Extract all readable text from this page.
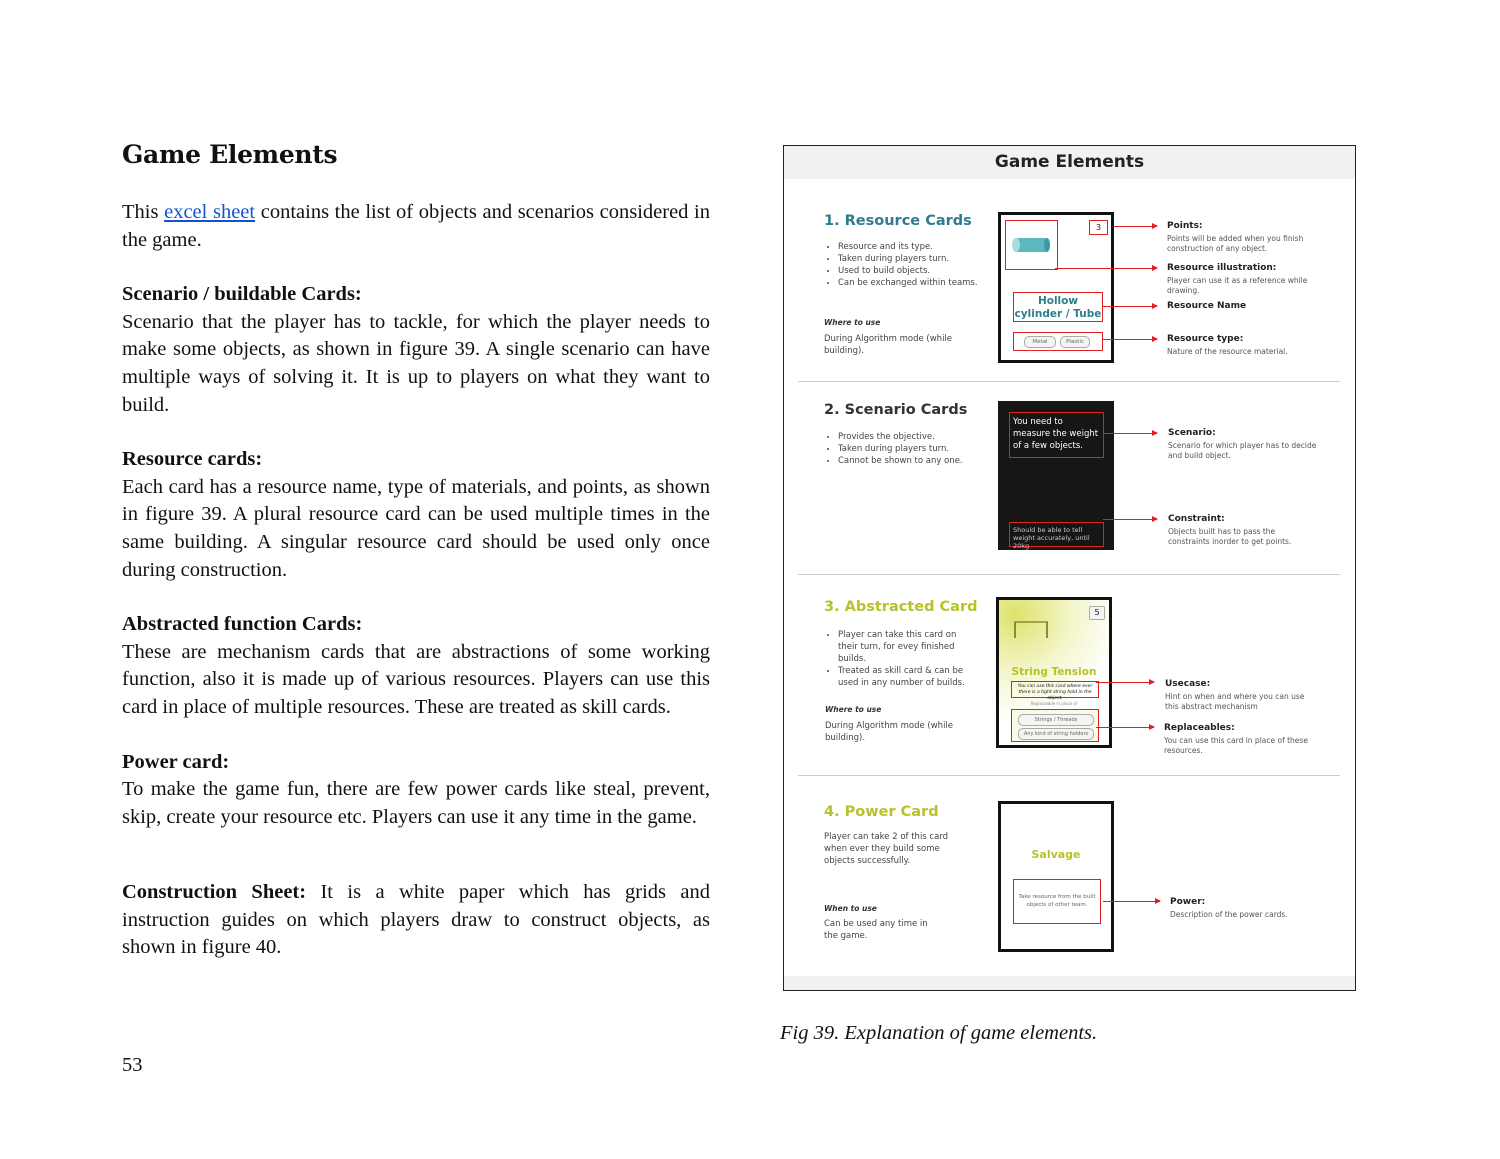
Game Elements

This excel sheet contains the list of objects and scenarios considered in the game.

Scenario / buildable Cards:

Scenario that the player has to tackle, for which the player needs to make some objects, as shown in figure 39. A single scenario can have multiple ways of solving it. It is up to players on what they want to build.

Resource cards:

Each card has a resource name, type of materials, and points, as shown in figure 39. A plural resource card can be used multiple times in the same building. A singular resource card should be used only once during construction.

Abstracted function Cards:

These are mechanism cards that are abstractions of some working function, also it is made up of various resources. Players can use this card in place of multiple resources. These are treated as skill cards.

Power card:

To make the game fun, there are few power cards like steal, prevent, skip, create your resource etc. Players can use it any time in the game.

Construction Sheet: It is a white paper which has grids and instruction guides on which players draw to construct objects, as shown in figure 40.

53
Game Elements
1. Resource Cards
• Resource and its type.
• Taken during players turn.
• Used to build objects.
• Can be exchanged within teams.
Where to use
During Algorithm mode (while building).
3
Hollow cylinder / Tube
Metal	Plastic
Points:
Points will be added when you finish construction of any object.
Resource illustration:
Player can use it as a reference while drawing.
Resource Name
Resource type:
Nature of the resource material.
2. Scenario Cards
• Provides the objective.
• Taken during players turn.
• Cannot be shown to any one.
You need to measure the weight of a few objects.
Should be able to tell weight accurately, until 20kg
Scenario:
Scenario for which player has to decide and build object.
Constraint:
Objects built has to pass the constraints inorder to get points.
3. Abstracted Card
• Player can take this card on their turn, for evey finished builds.
• Treated as skill card & can be used in any number of builds.
Where to use
During Algorithm mode (while building).
5
String Tension
You can use this card where ever there is a tight string hold in the object.
Replaceable in place of
Strings / Threads
Any kind of string holders
Usecase:
Hint on when and where you can use this abstract mechanism
Replaceables:
You can use this card in place of these resources.
4. Power Card
Player can take 2 of this card when ever they build some objects successfully.
When to use
Can be used any time in the game.
Salvage
Take resource from the built objects of other team.	Power:
Description of the power cards.
Fig 39. Explanation of game elements.
